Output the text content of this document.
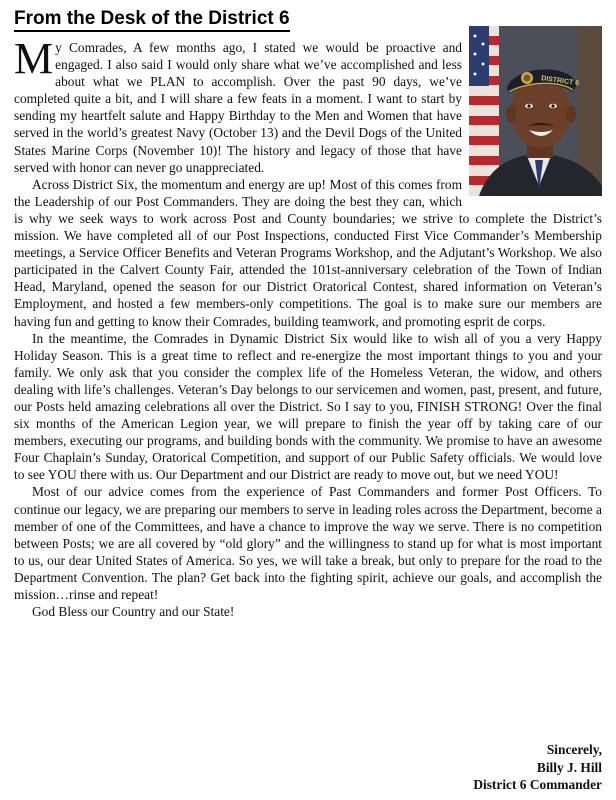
From the Desk of the District 6
DISTRICT 6

My Comrades, A few months ago, I stated we would be proactive and engaged. I also said I would only share what we’ve accomplished and less about what we PLAN to accomplish. Over the past 90 days, we’ve completed quite a bit, and I will share a few feats in a moment. I want to start by sending my heartfelt salute and Happy Birthday to the Men and Women that have served in the world’s greatest Navy (October 13) and the Devil Dogs of the United States Marine Corps (November 10)! The history and legacy of those that have served with honor can never go unappreciated.

Across District Six, the momentum and energy are up! Most of this comes from the Leadership of our Post Commanders. They are doing the best they can, which is why we seek ways to work across Post and County boundaries; we strive to complete the District’s mission. We have completed all of our Post Inspections, conducted First Vice Commander’s Membership meetings, a Service Officer Benefits and Veteran Programs Workshop, and the Adjutant’s Workshop. We also participated in the Calvert County Fair, attended the 101st-anniversary celebration of the Town of Indian Head, Maryland, opened the season for our District Oratorical Contest, shared information on Veteran’s Employment, and hosted a few members-only competitions. The goal is to make sure our members are having fun and getting to know their Comrades, building teamwork, and promoting esprit de corps.

In the meantime, the Comrades in Dynamic District Six would like to wish all of you a very Happy Holiday Season. This is a great time to reflect and re-energize the most important things to you and your family. We only ask that you consider the complex life of the Homeless Veteran, the widow, and others dealing with life’s challenges. Veteran’s Day belongs to our servicemen and women, past, present, and future, our Posts held amazing celebrations all over the District. So I say to you, FINISH STRONG! Over the final six months of the American Legion year, we will prepare to finish the year off by taking care of our members, executing our programs, and building bonds with the community. We promise to have an awesome Four Chaplain’s Sunday, Oratorical Competition, and support of our Public Safety officials. We would love to see YOU there with us. Our Department and our District are ready to move out, but we need YOU!

Most of our advice comes from the experience of Past Commanders and former Post Officers. To continue our legacy, we are preparing our members to serve in leading roles across the Department, become a member of one of the Committees, and have a chance to improve the way we serve. There is no competition between Posts; we are all covered by “old glory” and the willingness to stand up for what is most important to us, our dear United States of America. So yes, we will take a break, but only to prepare for the road to the Department Convention. The plan? Get back into the fighting spirit, achieve our goals, and accomplish the mission…rinse and repeat!

God Bless our Country and our State!

Sincerely,
Billy J. Hill
District 6 Commander
